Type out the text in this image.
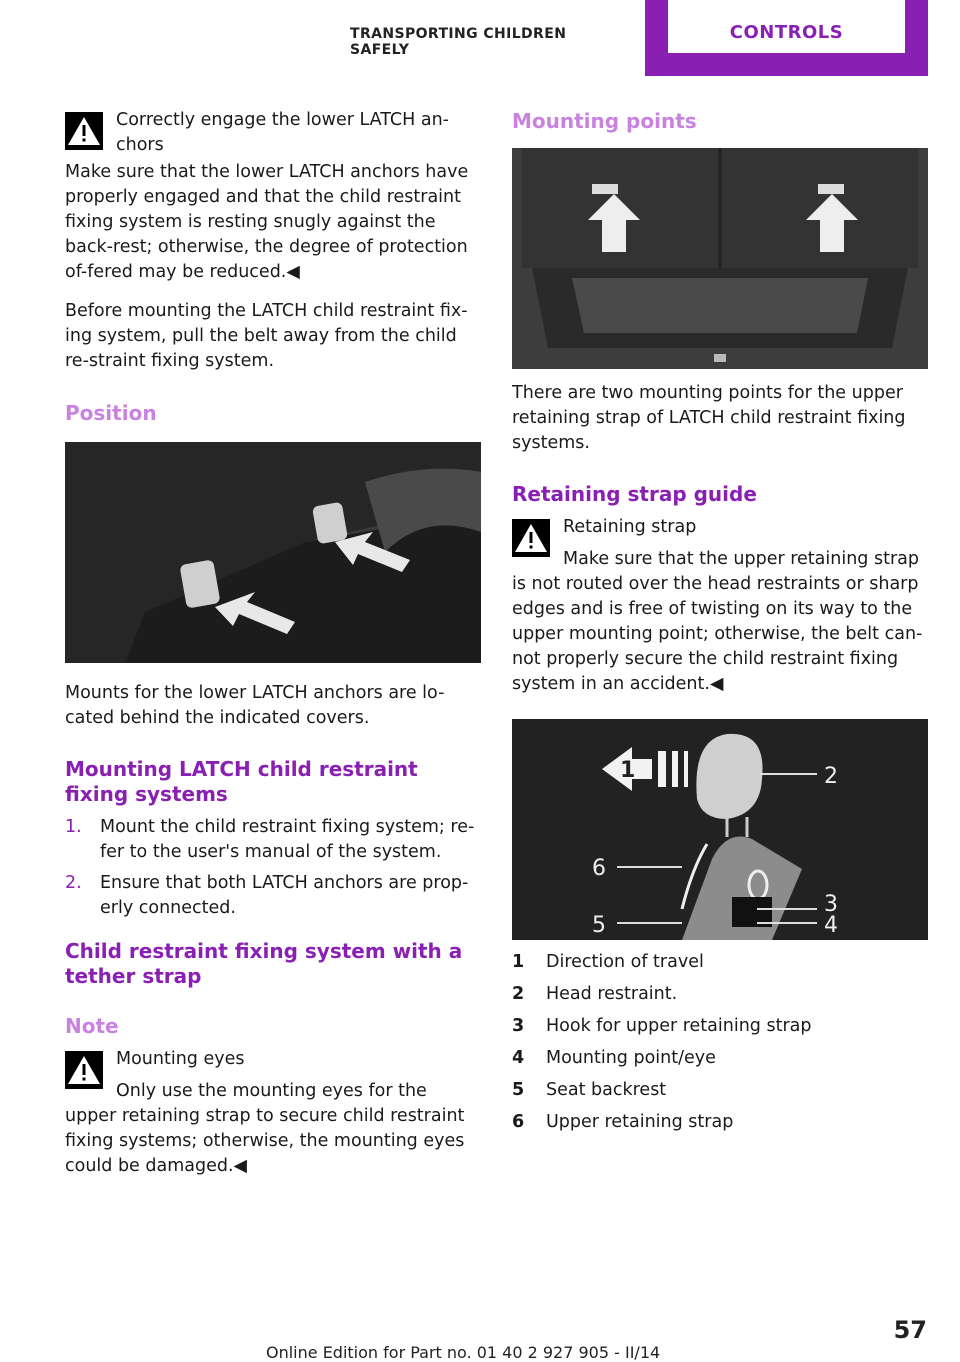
TRANSPORTING CHILDREN SAFELY
CONTROLS
Correctly engage the lower LATCH an-chors

Make sure that the lower LATCH anchors have properly engaged and that the child restraint fixing system is resting snugly against the back-rest; otherwise, the degree of protection of-fered may be reduced.◀

Before mounting the LATCH child restraint fix-ing system, pull the belt away from the child re-straint fixing system.

Position

Mounts for the lower LATCH anchors are lo-cated behind the indicated covers.

Mounting LATCH child restraint fixing systems
1. Mount the child restraint fixing system; re-fer to the user's manual of the system.
2. Ensure that both LATCH anchors are prop-erly connected.
Child restraint fixing system with a tether strap
Note
Mounting eyes
Only use the mounting eyes for the upper retaining strap to secure child restraint fixing systems; otherwise, the mounting eyes could be damaged.◀
Mounting points

There are two mounting points for the upper retaining strap of LATCH child restraint fixing systems.

Retaining strap guide
Retaining strap
Make sure that the upper retaining strap is not routed over the head restraints or sharp edges and is free of twisting on its way to the upper mounting point; otherwise, the belt can-not properly secure the child restraint fixing system in an accident.◀
1	2
3
4
5
6
1 Direction of travel
2 Head restraint.
3 Hook for upper retaining strap
4 Mounting point/eye
5 Seat backrest
6 Upper retaining strap
57
Online Edition for Part no. 01 40 2 927 905 - II/14
